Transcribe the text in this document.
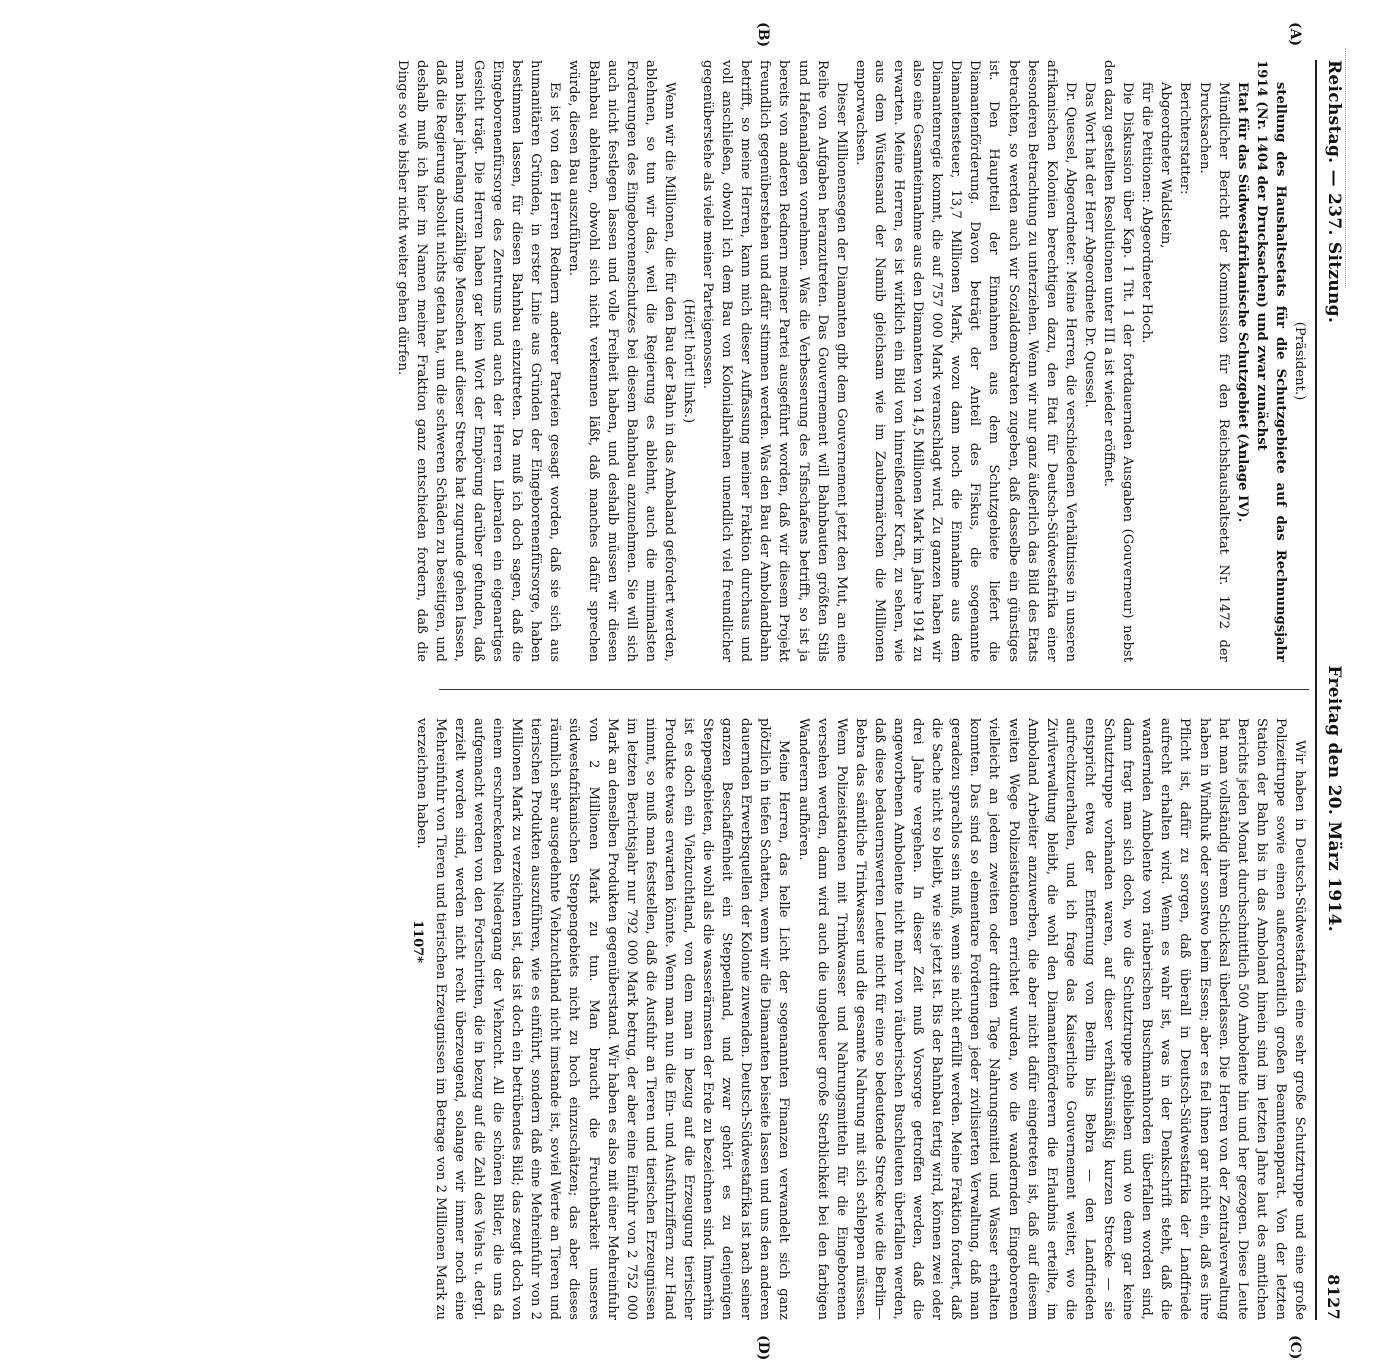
Reichstag. — 237. Sitzung.
Freitag den 20. März 1914.
8127
(A)
(B)
(C)
(D)

(Präsident.)

stellung des Haushaltsetats für die Schutzgebiete auf das Rechnungsjahr 1914 (Nr. 1404 der Drucksachen) und zwar zunächst

Etat für das Südwestafrikanische Schutzgebiet (Anlage IV).

Mündlicher Bericht der Kommission für den Reichshaushaltsetat Nr. 1472 der Drucksachen.

Berichterstatter:

Abgeordneter Waldstein,

für die Petitionen: Abgeordneter Hoch.

Die Diskussion über Kap. 1 Tit. 1 der fortdauernden Ausgaben (Gouverneur) nebst den dazu gestellten Resolutionen unter III a ist wieder eröffnet.

Das Wort hat der Herr Abgeordnete Dr. Quessel.

Dr. Quessel, Abgeordneter: Meine Herren, die verschiedenen Verhältnisse in unseren afrikanischen Kolonien berechtigen dazu, den Etat für Deutsch-Südwestafrika einer besonderen Betrachtung zu unterziehen. Wenn wir nur ganz äußerlich das Bild des Etats betrachten, so werden auch wir Sozialdemokraten zugeben, daß dasselbe ein günstiges ist. Den Hauptteil der Einnahmen aus dem Schutzgebiete liefert die Diamantenförderung. Davon beträgt der Anteil des Fiskus, die sogenannte Diamantensteuer, 13,7 Millionen Mark, wozu dann noch die Einnahme aus dem Diamantenregie kommt, die auf 757 000 Mark veranschlagt wird. Zu ganzen haben wir also eine Gesamteinnahme aus den Diamanten von 14,5 Millionen Mark im Jahre 1914 zu erwarten. Meine Herren, es ist wirklich ein Bild von hinreißender Kraft, zu sehen, wie aus dem Wüstensand der Namib gleichsam wie im Zaubermärchen die Millionen emporwachsen.

Dieser Millionensegen der Diamanten gibt dem Gouvernement jetzt den Mut, an eine Reihe von Aufgaben heranzutreten. Das Gouvernement will Bahnbauten größten Stils und Hafenanlagen vornehmen. Was die Verbesserung des Tsfischafens betrifft, so ist ja bereits von anderen Rednern meiner Partei ausgeführt worden, daß wir diesem Projekt freundlich gegenüberstehen und dafür stimmen werden. Was den Bau der Ambolandbahn betrifft, so meine Herren, kann mich dieser Auffassung meiner Fraktion durchaus und voll anschließen, obwohl ich dem Bau von Kolonialbahnen unendlich viel freundlicher gegenüberstehe als viele meiner Parteigenossen.

(Hört! hört! links.)

Wenn wir die Millionen, die für den Bau der Bahn in das Ambaland gefordert werden, ablehnen, so tun wir das, weil die Regierung es ablehnt, auch die minimalsten Forderungen des Eingeborenenschutzes bei diesem Bahnbau anzunehmen. Sie will sich auch nicht festlegen lassen und volle Freiheit haben, und deshalb müssen wir diesen Bahnbau ablehnen, obwohl sich nicht verkennen läßt, daß manches dafür sprechen würde, diesen Bau auszuführen.

Es ist von den Herren Rednern anderer Parteien gesagt worden, daß sie sich aus humanitären Gründen, in erster Linie aus Gründen der Eingeborenenfürsorge, haben bestimmen lassen, für diesen Bahnbau einzutreten. Da muß ich doch sagen, daß die Eingeborenenfürsorge des Zentrums und auch der Herren Liberalen ein eigenartiges Gesicht trägt. Die Herren haben gar kein Wort der Empörung darüber gefunden, daß man bisher jahrelang unzählige Menschen auf dieser Strecke hat zugrunde gehen lassen, daß die Regierung absolut nichts getan hat, um die schweren Schäden zu beseitigen, und deshalb muß ich hier im Namen meiner Fraktion ganz entschieden fordern, daß die Dinge so wie bisher nicht weiter gehen dürfen.

Wir haben in Deutsch-Südwestafrika eine sehr große Schutztruppe und eine große Polizeitruppe sowie einen außerordentlich großen Beamtenapparat. Von der letzten Station der Bahn bis in das Amboland hinein sind im letzten Jahre laut des amtlichen Berichts jeden Monat durchschnittlich 500 Ambolente hin und her gezogen. Diese Leute hat man vollständig ihrem Schicksal überlassen. Die Herren von der Zentralverwaltung haben in Windhuk oder sonstwo beim Essen; aber es fiel ihnen gar nicht ein, daß es ihre Pflicht ist, dafür zu sorgen, daß überall in Deutsch-Südwestafrika der Landfriede aufrecht erhalten wird. Wenn es wahr ist, was in der Denkschrift steht, daß die wandernden Ambolente von räuberischen Buschmannhorden überfallen worden sind, dann fragt man sich doch, wo die Schutztruppe geblieben und wo denn gar keine Schutztruppe vorhanden waren, auf dieser verhältnismäßig kurzen Strecke — sie entspricht etwa der Entfernung von Berlin bis Bebra — den Landfrieden aufrechtzuerhalten, und ich frage das Kaiserliche Gouvernement weiter, wo die Zivilverwaltung bleibt, die wohl den Diamantenförderern die Erlaubnis erteilte, im Amboland Arbeiter anzuwerben, die aber nicht dafür eingetreten ist, daß auf diesem weiten Wege Polizeistationen errichtet wurden, wo die wandernden Eingeborenen vielleicht an jedem zweiten oder dritten Tage Nahrungsmittel und Wasser erhalten konnten. Das sind so elementare Forderungen jeder zivilisierten Verwaltung, daß man geradezu sprachlos sein muß, wenn sie nicht erfüllt werden. Meine Fraktion fordert, daß die Sache nicht so bleibt, wie sie jetzt ist. Bis der Bahnbau fertig wird, können zwei oder drei Jahre vergehen. In dieser Zeit muß Vorsorge getroffen werden, daß die angeworbenen Ambolente nicht mehr von räuberischen Buschleuten überfallen werden, daß diese bedauernswerten Leute nicht für eine so bedeutende Strecke wie die Berlin—Bebra das sämtliche Trinkwasser und die gesamte Nahrung mit sich schleppen müssen. Wenn Polizeistationen mit Trinkwasser und Nahrungsmitteln für die Eingeborenen versehen werden, dann wird auch die ungeheuer große Sterblichkeit bei den farbigen Wanderern aufhören.

Meine Herren, das helle Licht der sogenannten Finanzen verwandelt sich ganz plötzlich in tiefen Schatten, wenn wir die Diamanten beiseite lassen und uns den anderen dauernden Erwerbsquellen der Kolonie zuwenden. Deutsch-Südwestafrika ist nach seiner ganzen Beschaffenheit ein Steppenland, und zwar gehört es zu denjenigen Steppengebieten, die wohl als die wasserärmsten der Erde zu bezeichnen sind. Immerhin ist es doch ein Viehzuchtland, von dem man in bezug auf die Erzeugung tierischer Produkte etwas erwarten könnte. Wenn man nun die Ein- und Ausfuhrziffern zur Hand nimmt, so muß man feststellen, daß die Ausfuhr an Tieren und tierischen Erzeugnissen im letzten Berichtsjahr nur 792 000 Mark betrug, der aber eine Einfuhr von 2 752 000 Mark an denselben Produkten gegenüberstand. Wir haben es also mit einer Mehreinfuhr von 2 Millionen Mark zu tun. Man braucht die Fruchtbarkeit unseres südwestafrikanischen Steppengebiets nicht zu hoch einzuschätzen; das aber dieses räumlich sehr ausgedehnte Viehzuchtland nicht imstande ist, soviel Werte an Tieren und tierischen Produkten auszuführen, wie es einführt, sondern daß eine Mehreinfuhr von 2 Millionen Mark zu verzeichnen ist, das ist doch ein betrübendes Bild; das zeugt doch von einem erschreckenden Niedergang der Viehzucht. All die schönen Bilder, die uns da aufgemacht werden von den Fortschritten, die in bezug auf die Zahl des Viehs u. dergl. erzielt worden sind, werden nicht recht überzeugend, solange wir immer noch eine Mehreinfuhr von Tieren und tierischen Erzeugnissen im Betrage von 2 Millionen Mark zu verzeichnen haben.

1107*
